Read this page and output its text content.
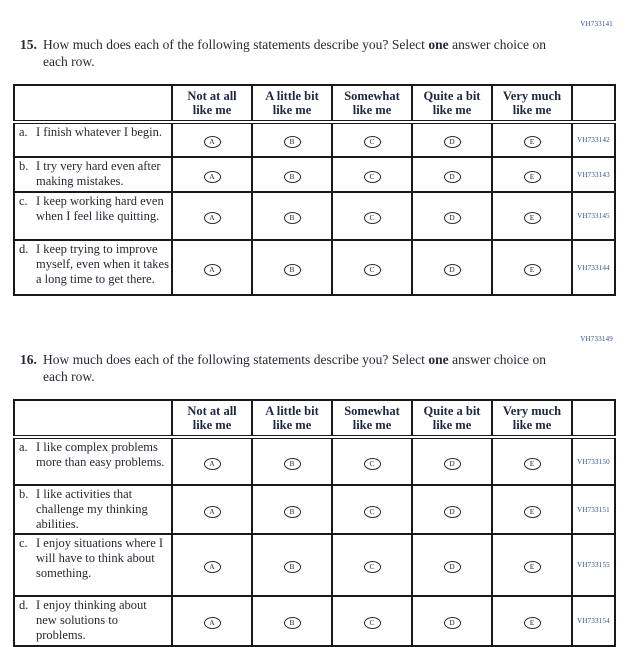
VH733141
15. How much does each of the following statements describe you? Select one answer choice on each row.
	Not at all
like me	A little bit
like me	Somewhat
like me	Quite a bit
like me	Very much
like me	

a. I finish whatever I begin.	A	B	C	D	E	VH733142

b. I try very hard even after making mistakes.	A	B	C	D	E	VH733143

c. I keep working hard even when I feel like quitting.	A	B	C	D	E	VH733145

d. I keep trying to improve myself, even when it takes a long time to get there.	A	B	C	D	E	VH733144
VH733149
16. How much does each of the following statements describe you? Select one answer choice on each row.
	Not at all
like me	A little bit
like me	Somewhat
like me	Quite a bit
like me	Very much
like me	

a. I like complex problems more than easy problems.	A	B	C	D	E	VH733150

b. I like activities that challenge my thinking abilities.	A	B	C	D	E	VH733151

c. I enjoy situations where I will have to think about something.	A	B	C	D	E	VH733155

d. I enjoy thinking about new solutions to problems.	A	B	C	D	E	VH733154
